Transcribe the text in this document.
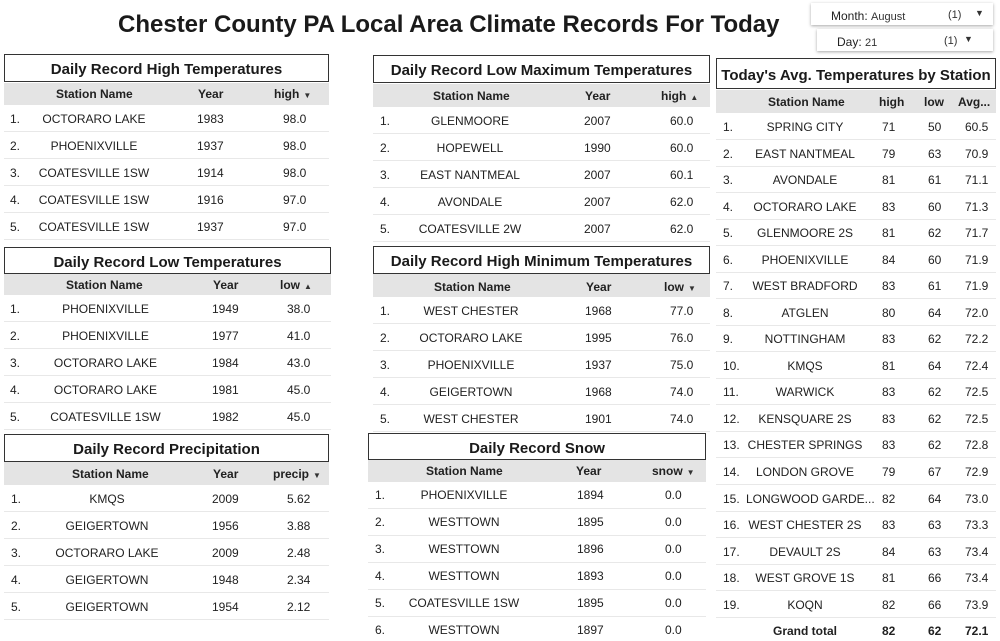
Chester County PA Local Area Climate Records For Today	Month: August	(1) ▼
Day: 21	(1) ▼
Daily Record High Temperatures
Station Name	Year	high ▼
1.	OCTORARO LAKE	1983	98.0
2.	PHOENIXVILLE	1937	98.0
3.	COATESVILLE 1SW	1914	98.0
4.	COATESVILLE 1SW	1916	97.0
5.	COATESVILLE 1SW	1937	97.0
Daily Record Low Temperatures
Station Name	Year	low ▲
1.	PHOENIXVILLE	1949	38.0
2.	PHOENIXVILLE	1977	41.0
3.	OCTORARO LAKE	1984	43.0
4.	OCTORARO LAKE	1981	45.0
5.	COATESVILLE 1SW	1982	45.0
Daily Record Precipitation
Station Name	Year	precip ▼
1.	KMQS	2009	5.62
2.	GEIGERTOWN	1956	3.88
3.	OCTORARO LAKE	2009	2.48
4.	GEIGERTOWN	1948	2.34
5.	GEIGERTOWN	1954	2.12
Daily Record Low Maximum Temperatures
Station Name	Year	high ▲
1.	GLENMOORE	2007	60.0
2.	HOPEWELL	1990	60.0
3.	EAST NANTMEAL	2007	60.1
4.	AVONDALE	2007	62.0
5.	COATESVILLE 2W	2007	62.0
Daily Record High Minimum Temperatures
Station Name	Year	low ▼
1.	WEST CHESTER	1968	77.0
2.	OCTORARO LAKE	1995	76.0
3.	PHOENIXVILLE	1937	75.0
4.	GEIGERTOWN	1968	74.0
5.	WEST CHESTER	1901	74.0
Daily Record Snow
Station Name	Year	snow ▼
1.	PHOENIXVILLE	1894	0.0
2.	WESTTOWN	1895	0.0
3.	WESTTOWN	1896	0.0
4.	WESTTOWN	1893	0.0
5.	COATESVILLE 1SW	1895	0.0
6.	WESTTOWN	1897	0.0
Today's Avg. Temperatures by Station
Station Name	high low Avg...
1.	SPRING CITY	71	50 60.5
2.	EAST NANTMEAL	79	63 70.9
3.	AVONDALE	81	61 71.1
4.	OCTORARO LAKE	83	60 71.3
5.	GLENMOORE 2S	81	62 71.7
6.	PHOENIXVILLE	84	60 71.9
7.	WEST BRADFORD	83	61 71.9
8.	ATGLEN	80	64 72.0
9.	NOTTINGHAM	83	62 72.2
10.	KMQS	81	64 72.4
11.	WARWICK	83	62 72.5
12.	KENSQUARE 2S	83	62 72.5
13. CHESTER SPRINGS 83	62 72.8
14.	LONDON GROVE	79	67 72.9
15. LONGWOOD GARDE... 82	64 73.0
16. WEST CHESTER 2S 83	63 73.3
17.	DEVAULT 2S	84	63 73.4
18.	WEST GROVE 1S	81	66 73.4
19.	KOQN	82	66 73.9
Grand total	82	62 72.1
